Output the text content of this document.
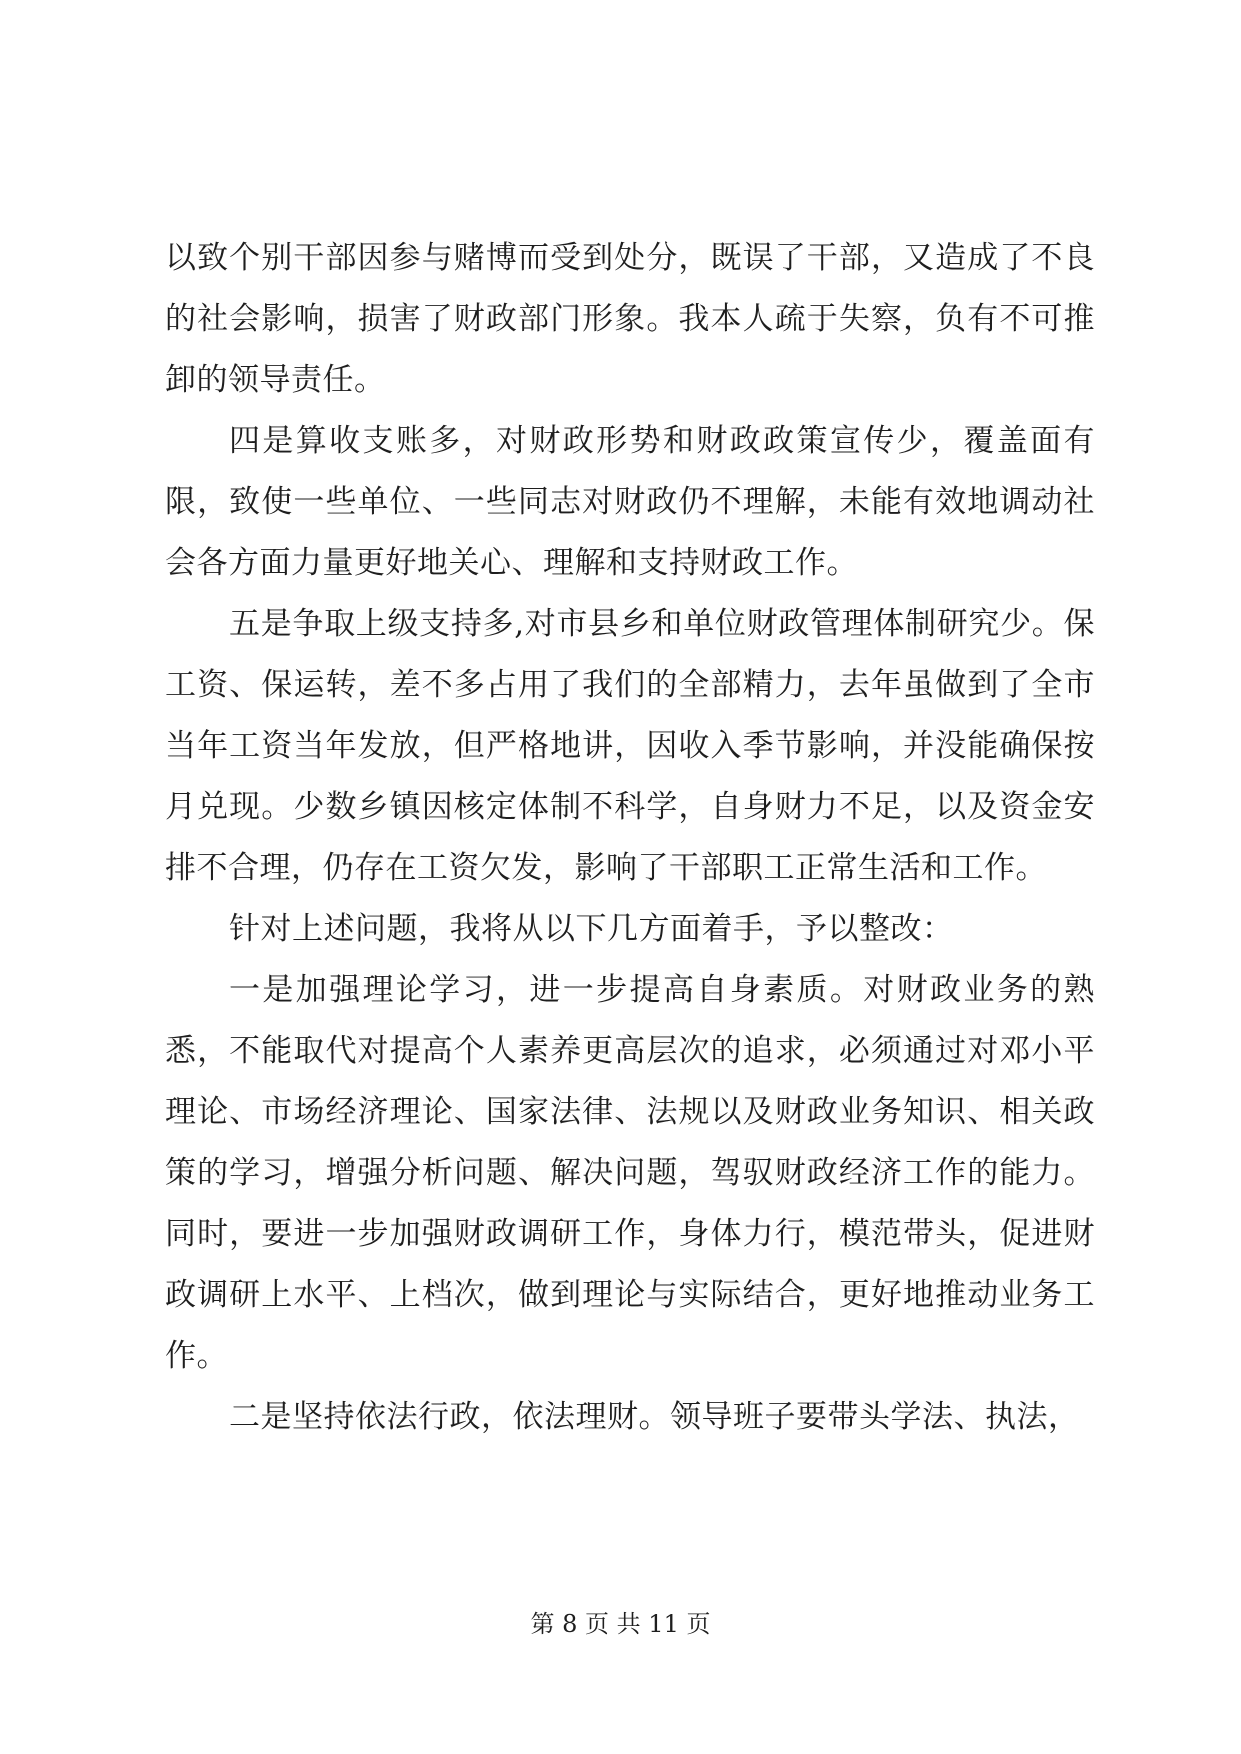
以致个别干部因参与赌博而受到处分，既误了干部，又造成了不良的社会影响，损害了财政部门形象。我本人疏于失察，负有不可推卸的领导责任。

四是算收支账多，对财政形势和财政政策宣传少，覆盖面有限，致使一些单位、一些同志对财政仍不理解，未能有效地调动社会各方面力量更好地关心、理解和支持财政工作。

五是争取上级支持多,对市县乡和单位财政管理体制研究少。保工资、保运转，差不多占用了我们的全部精力，去年虽做到了全市当年工资当年发放，但严格地讲，因收入季节影响，并没能确保按月兑现。少数乡镇因核定体制不科学，自身财力不足，以及资金安排不合理，仍存在工资欠发，影响了干部职工正常生活和工作。

针对上述问题，我将从以下几方面着手，予以整改：

一是加强理论学习，进一步提高自身素质。对财政业务的熟悉，不能取代对提高个人素养更高层次的追求，必须通过对邓小平理论、市场经济理论、国家法律、法规以及财政业务知识、相关政策的学习，增强分析问题、解决问题，驾驭财政经济工作的能力。同时，要进一步加强财政调研工作，身体力行，模范带头，促进财政调研上水平、上档次，做到理论与实际结合，更好地推动业务工作。

二是坚持依法行政，依法理财。领导班子要带头学法、执法，

第 8 页 共 11 页
